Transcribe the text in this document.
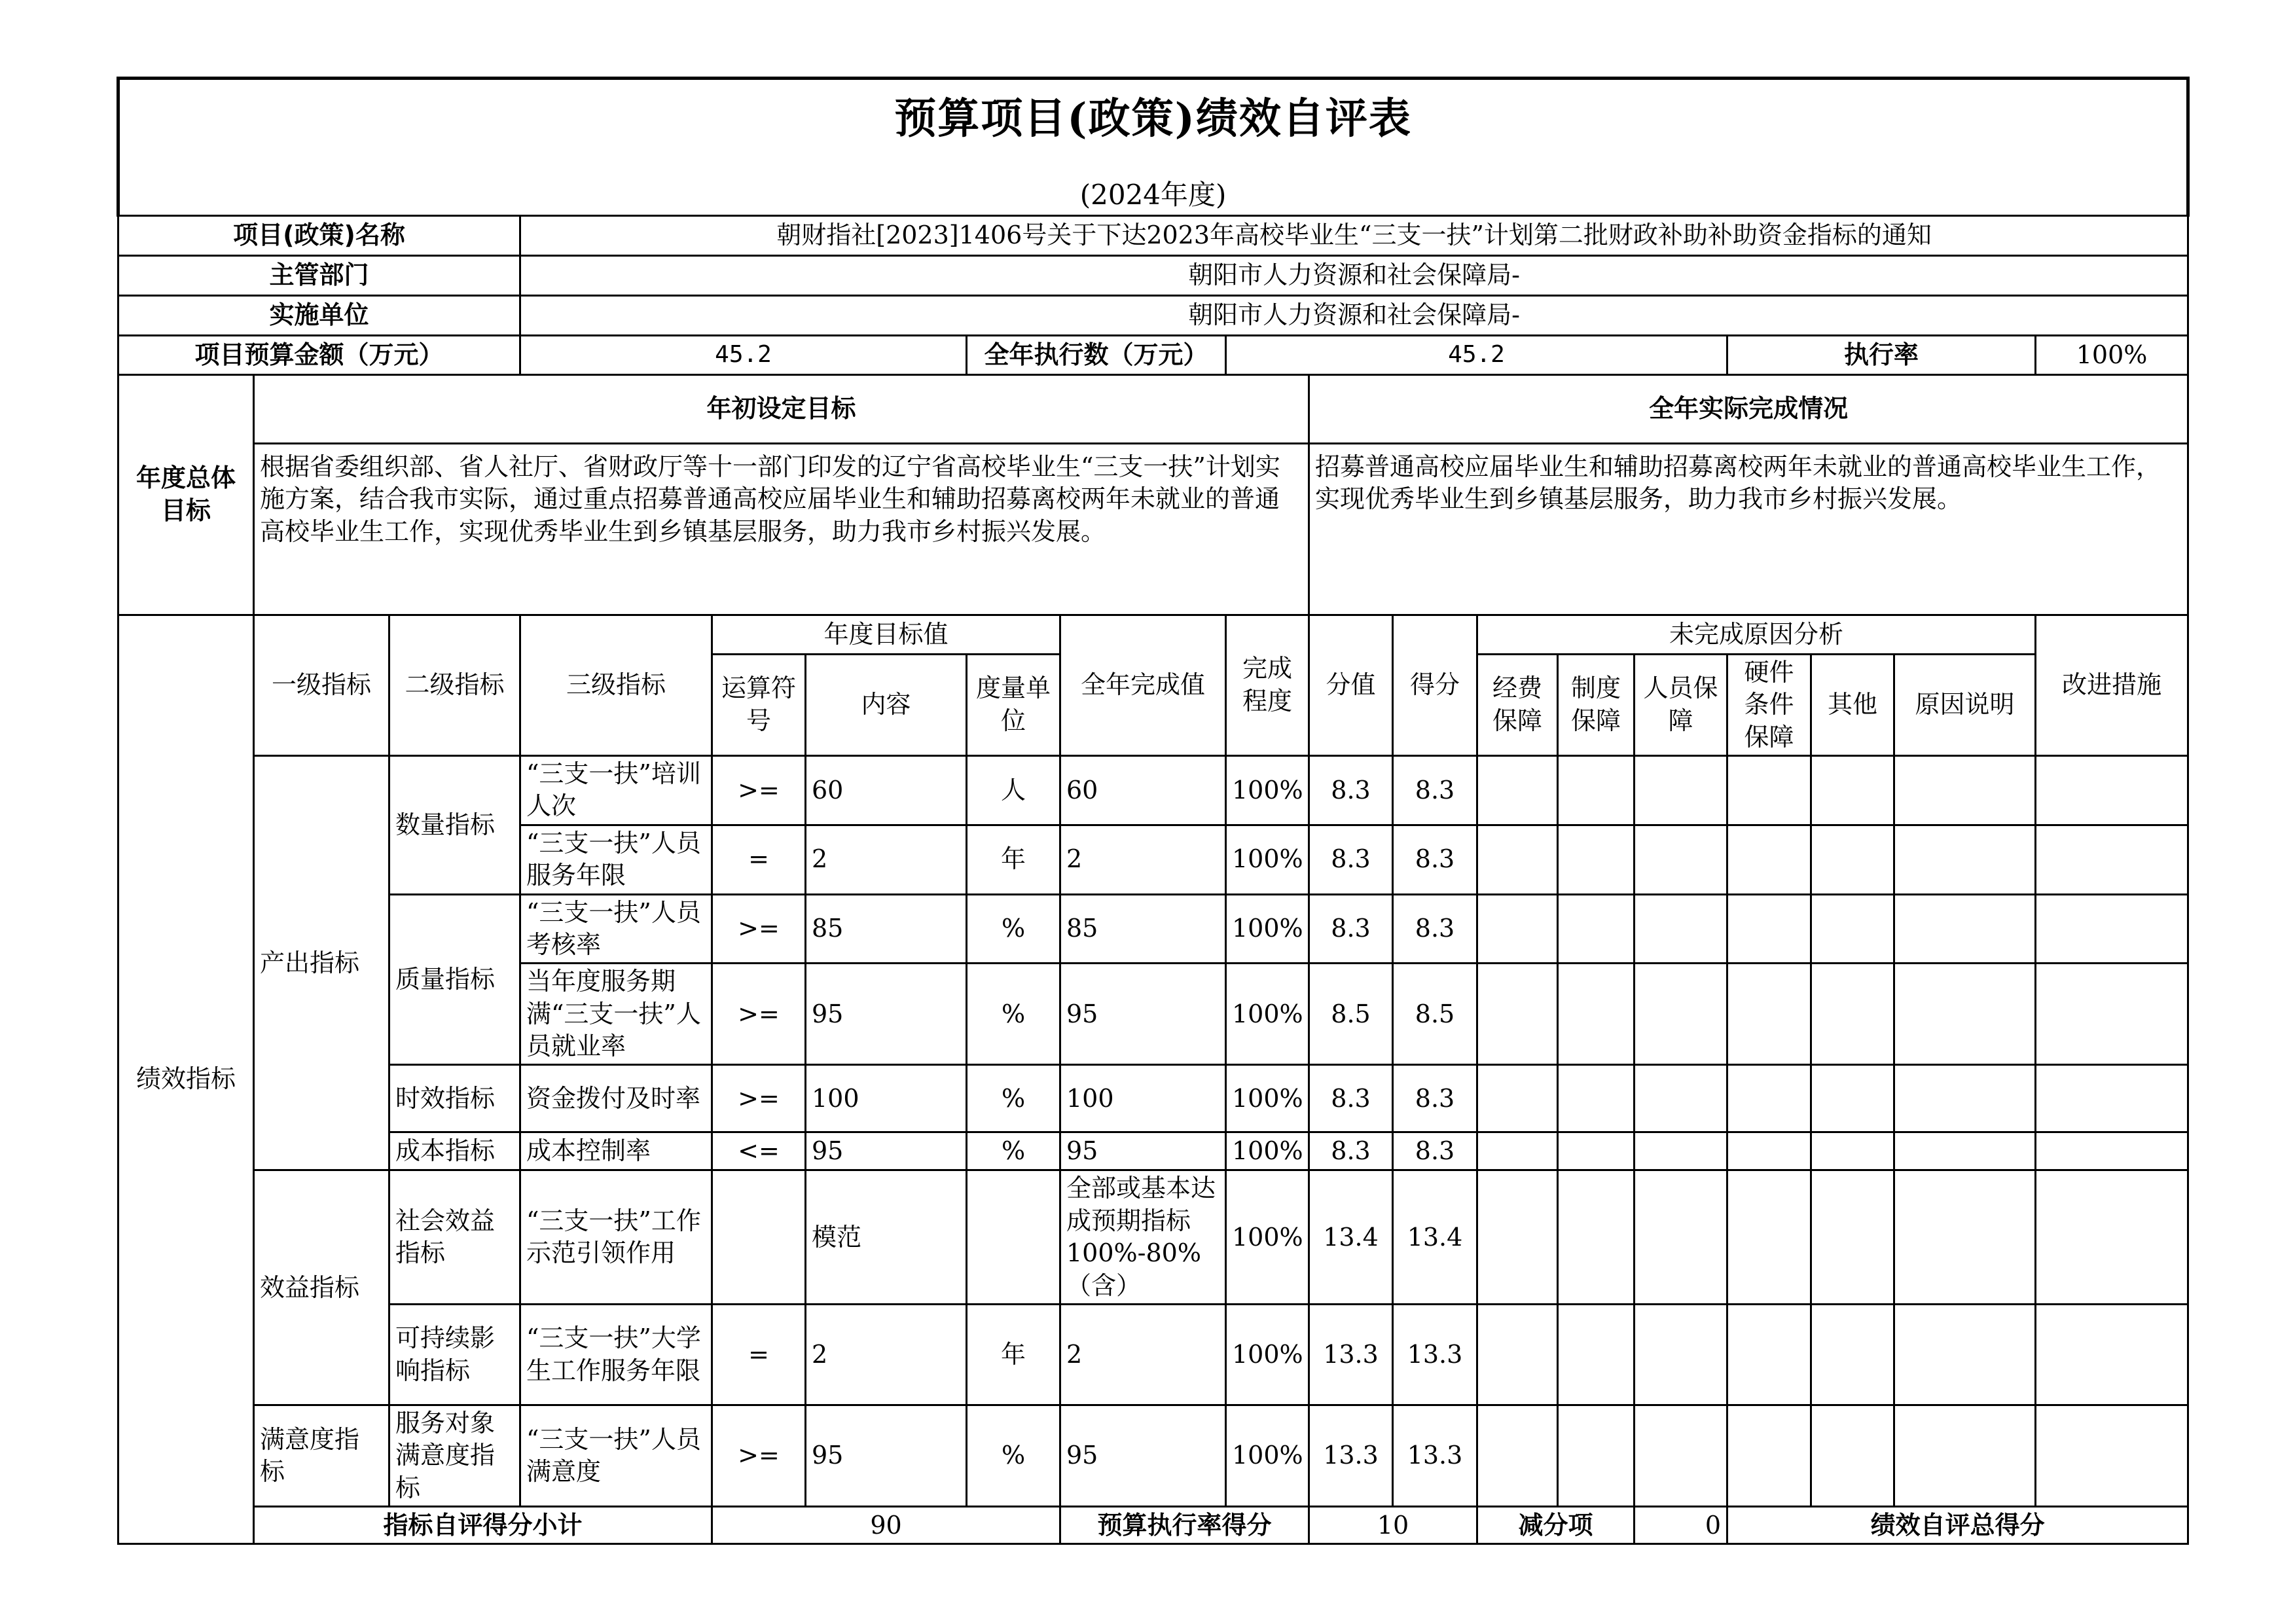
预算项目(政策)绩效自评表
(2024年度)																		

项目(政策)名称			朝财指社[2023]1406号关于下达2023年高校毕业生“三支一扶”计划第二批财政补助补助资金指标的通知															
主管部门			朝阳市人力资源和社会保障局-															
实施单位			朝阳市人力资源和社会保障局-															
项目预算金额（万元）			45.2			全年执行数（万元）		45.2						执行率			100%	
年度总体目标	年初设定目标								全年实际完成情况									
	根据省委组织部、省人社厅、省财政厅等十一部门印发的辽宁省高校毕业生“三支一扶”计划实施方案，结合我市实际，通过重点招募普通高校应届毕业生和辅助招募离校两年未就业的普通高校毕业生工作，实现优秀毕业生到乡镇基层服务，助力我市乡村振兴发展。								招募普通高校应届毕业生和辅助招募离校两年未就业的普通高校毕业生工作，实现优秀毕业生到乡镇基层服务，助力我市乡村振兴发展。									
绩效指标	一级指标	二级指标	三级指标	年度目标值			全年完成值	完成程度	分值	得分	未完成原因分析						改进措施	
				运算符号	内容	度量单位					经费保障	制度保障	人员保障	硬件条件保障	其他	原因说明		
	产出指标	数量指标	“三支一扶”培训人次	>=	60	人	60	100%	8.3	8.3								
			“三支一扶”人员服务年限	=	2	年	2	100%	8.3	8.3								
		质量指标	“三支一扶”人员考核率	>=	85	%	85	100%	8.3	8.3								
			当年度服务期满“三支一扶”人员就业率	>=	95	%	95	100%	8.5	8.5								
		时效指标	资金拨付及时率	>=	100	%	100	100%	8.3	8.3								
		成本指标	成本控制率	<=	95	%	95	100%	8.3	8.3								
	效益指标	社会效益指标	“三支一扶”工作示范引领作用		模范		全部或基本达成预期指标100%-80%（含）	100%	13.4	13.4								
		可持续影响指标	“三支一扶”大学生工作服务年限	=	2	年	2	100%	13.3	13.3								
	满意度指标	服务对象满意度指标	“三支一扶”人员满意度	>=	95	%	95	100%	13.3	13.3								
	指标自评得分小计			90			预算执行率得分		10		减分项		0	绩效自评总得分	
